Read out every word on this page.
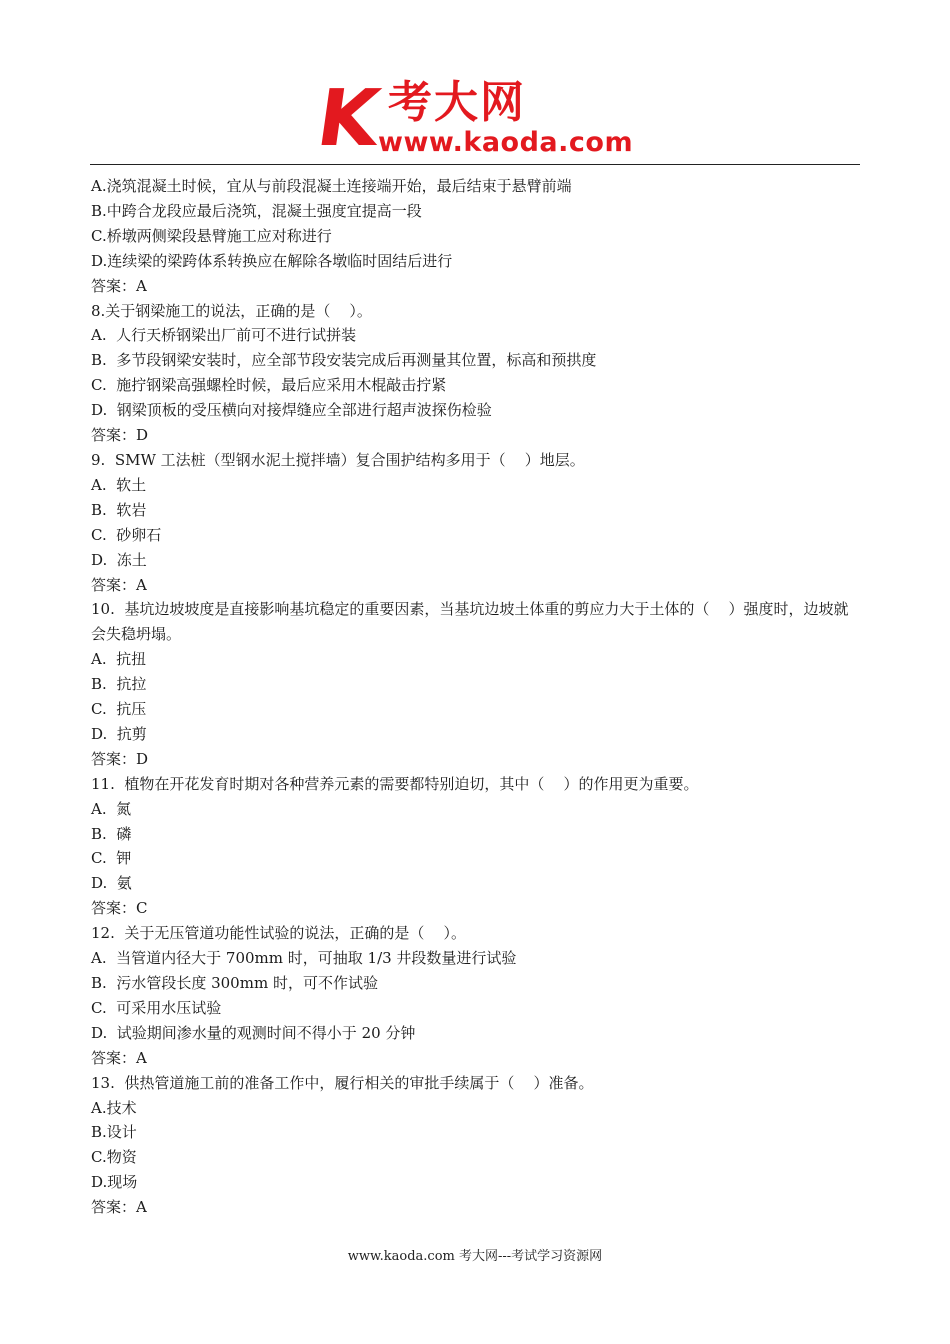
K 考大网
www.kaoda.com

A.浇筑混凝土时候，宜从与前段混凝土连接端开始，最后结束于悬臂前端

B.中跨合龙段应最后浇筑，混凝土强度宜提高一段

C.桥墩两侧梁段悬臂施工应对称进行

D.连续梁的梁跨体系转换应在解除各墩临时固结后进行

答案：A

8.关于钢梁施工的说法，正确的是（    ）。

A.  人行天桥钢梁出厂前可不进行试拼装

B.  多节段钢梁安装时，应全部节段安装完成后再测量其位置，标高和预拱度

C.  施拧钢梁高强螺栓时候，最后应采用木棍敲击拧紧

D.  钢梁顶板的受压横向对接焊缝应全部进行超声波探伤检验

答案：D

9.  SMW 工法桩（型钢水泥土搅拌墙）复合围护结构多用于（    ）地层。

A.  软土

B.  软岩

C.  砂卵石

D.  冻土

答案：A

10.  基坑边坡坡度是直接影响基坑稳定的重要因素，当基坑边坡土体重的剪应力大于土体的（    ）强度时，边坡就会失稳坍塌。

A.  抗扭

B.  抗拉

C.  抗压

D.  抗剪

答案：D

11.  植物在开花发育时期对各种营养元素的需要都特别迫切，其中（    ）的作用更为重要。

A.  氮

B.  磷

C.  钾

D.  氨

答案：C

12.  关于无压管道功能性试验的说法，正确的是（    ）。

A.  当管道内径大于 700mm 时，可抽取 1/3 井段数量进行试验

B.  污水管段长度 300mm 时，可不作试验

C.  可采用水压试验

D.  试验期间渗水量的观测时间不得小于 20 分钟

答案：A

13.  供热管道施工前的准备工作中，履行相关的审批手续属于（    ）准备。

A.技术

B.设计

C.物资

D.现场

答案：A

www.kaoda.com 考大网---考试学习资源网
